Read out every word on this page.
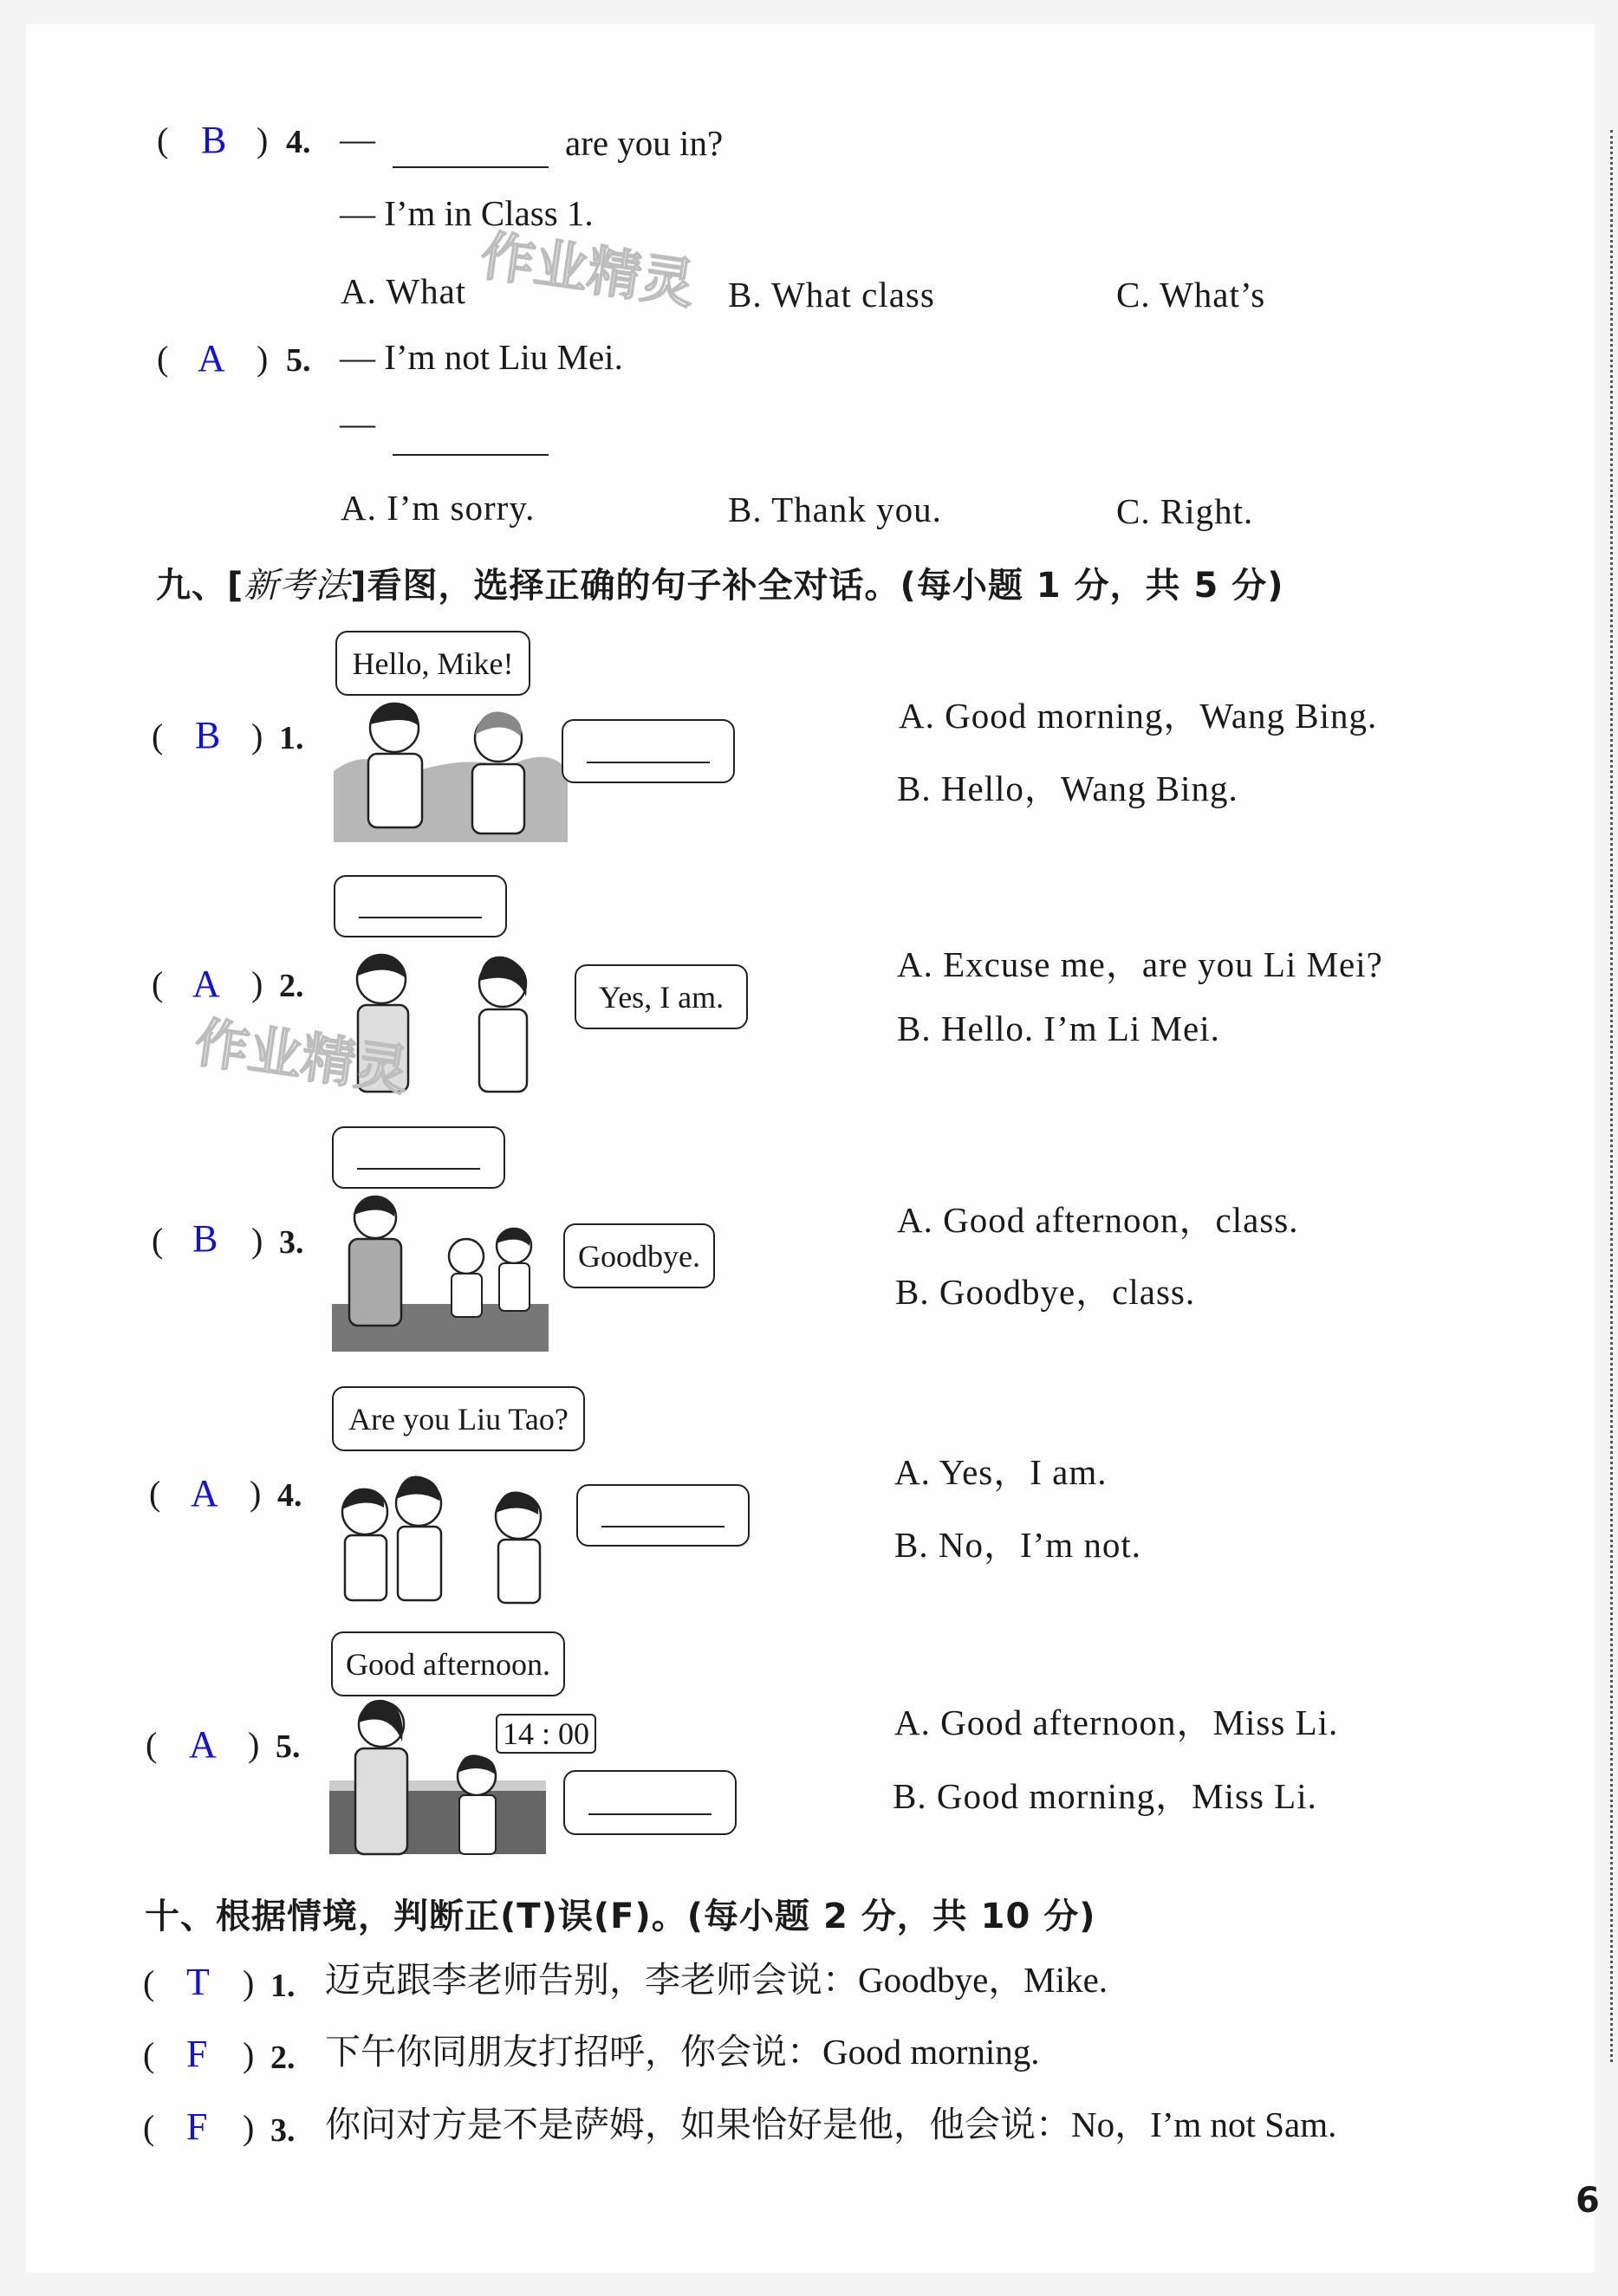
( B ) 4. —	are you in?
— I’m in Class 1.
A. What	B. What class	C. What’s
作业精灵
( A ) 5. — I’m not Liu Mei.
—
A. I’m sorry.	B. Thank you.	C. Right.
九、[新考法]看图，选择正确的句子补全对话。(每小题 1 分，共 5 分)
( B ) 1.
Hello, Mike!
A. Good morning，Wang Bing.
B. Hello，Wang Bing.
( A ) 2.	Yes, I am.
A. Excuse me，are you Li Mei?
B. Hello. I’m Li Mei.
作业精灵
( B ) 3.	Goodbye.
A. Good afternoon，class.
B. Goodbye，class.
( A ) 4.
Are you Liu Tao?
A. Yes，I am.
B. No，I’m not.
( A ) 5.
Good afternoon.
14 : 00	A. Good afternoon，Miss Li.
B. Good morning，Miss Li.
十、根据情境，判断正(T)误(F)。(每小题 2 分，共 10 分)
( T ) 1. 迈克跟李老师告别，李老师会说：Goodbye，Mike.
( F ) 2. 下午你同朋友打招呼，你会说：Good morning.
( F ) 3. 你问对方是不是萨姆，如果恰好是他，他会说：No，I’m not Sam.
6
